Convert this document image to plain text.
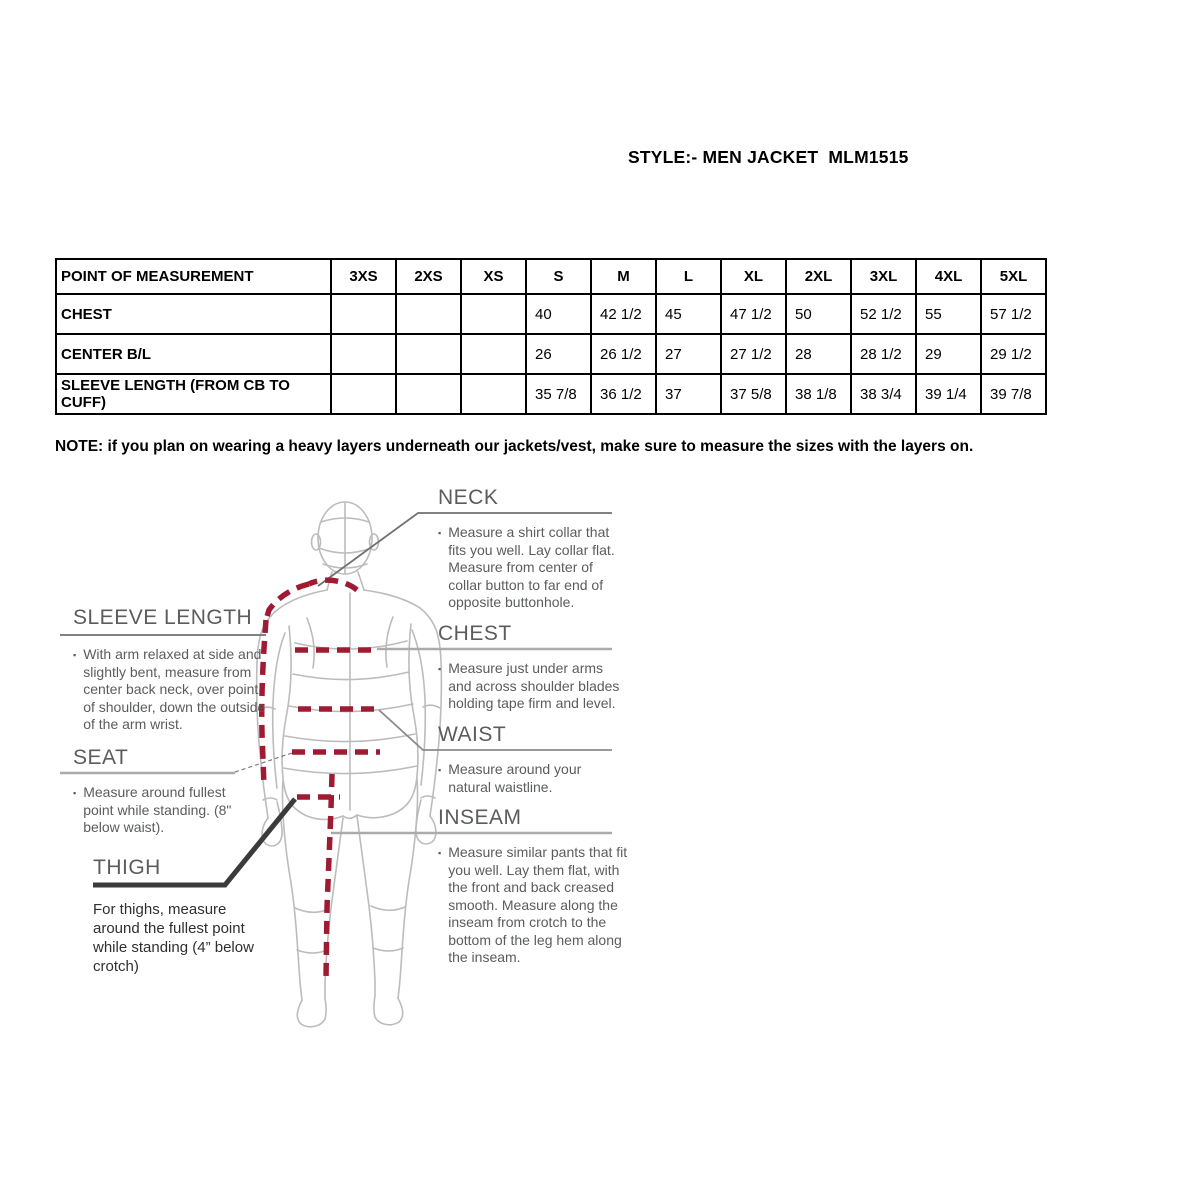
STYLE:- MEN JACKET  MLM1515
POINT OF MEASUREMENT	3XS	2XS	XS	S	M	L	XL	2XL	3XL	4XL	5XL
CHEST				40	42 1/2	45	47 1/2	50	52 1/2	55	57 1/2
CENTER B/L				26	26 1/2	27	27 1/2	28	28 1/2	29	29 1/2
SLEEVE LENGTH (FROM CB TO CUFF)				35 7/8	36 1/2	37	37 5/8	38 1/8	38 3/4	39 1/4	39 7/8
NOTE: if you plan on wearing a heavy layers underneath our jackets/vest, make sure to measure the sizes with the layers on.
NECK
▪ Measure a shirt collar that fits you well. Lay collar flat. Measure from center of collar button to far end of opposite buttonhole.
CHEST
▪ Measure just under arms and across shoulder blades holding tape firm and level.
WAIST
▪ Measure around your natural waistline.
INSEAM
▪ Measure similar pants that fit you well. Lay them flat, with the front and back creased smooth. Measure along the inseam from crotch to the bottom of the leg hem along the inseam.
SLEEVE LENGTH
▪ With arm relaxed at side and slightly bent, measure from center back neck, over point of shoulder, down the outside of the arm wrist.
SEAT
▪ Measure around fullest point while standing. (8" below waist).
THIGH
For thighs, measure around the fullest point while standing (4” below crotch)
